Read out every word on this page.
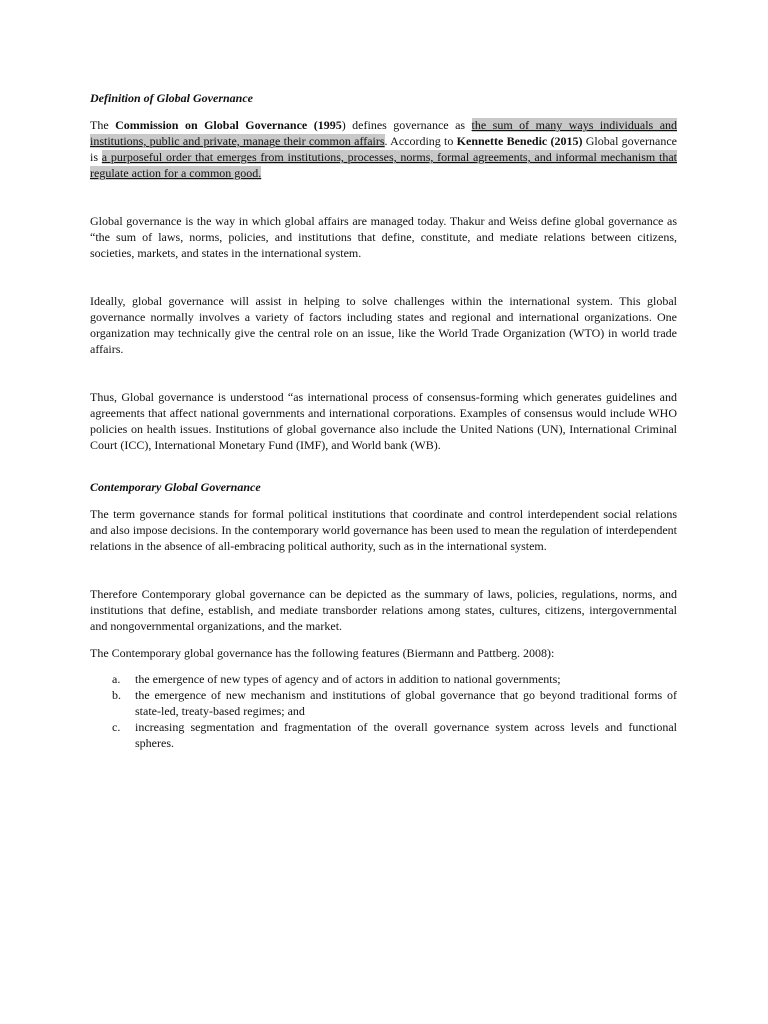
Definition of Global Governance

The Commission on Global Governance (1995) defines governance as the sum of many ways individuals and institutions, public and private, manage their common affairs. According to Kennette Benedic (2015) Global governance is a purposeful order that emerges from institutions, processes, norms, formal agreements, and informal mechanism that regulate action for a common good.

Global governance is the way in which global affairs are managed today. Thakur and Weiss define global governance as “the sum of laws, norms, policies, and institutions that define, constitute, and mediate relations between citizens, societies, markets, and states in the international system.

Ideally, global governance will assist in helping to solve challenges within the international system. This global governance normally involves a variety of factors including states and regional and international organizations. One organization may technically give the central role on an issue, like the World Trade Organization (WTO) in world trade affairs.

Thus, Global governance is understood “as international process of consensus-forming which generates guidelines and agreements that affect national governments and international corporations. Examples of consensus would include WHO policies on health issues. Institutions of global governance also include the United Nations (UN), International Criminal Court (ICC), International Monetary Fund (IMF), and World bank (WB).

Contemporary Global Governance

The term governance stands for formal political institutions that coordinate and control interdependent social relations and also impose decisions. In the contemporary world governance has been used to mean the regulation of interdependent relations in the absence of all-embracing political authority, such as in the international system.

Therefore Contemporary global governance can be depicted as the summary of laws, policies, regulations, norms, and institutions that define, establish, and mediate transborder relations among states, cultures, citizens, intergovernmental and nongovernmental organizations, and the market.

The Contemporary global governance has the following features (Biermann and Pattberg. 2008):

a.	the emergence of new types of agency and of actors in addition to national governments;
b.	the emergence of new mechanism and institutions of global governance that go beyond traditional forms of state-led, treaty-based regimes; and
c.	increasing segmentation and fragmentation of the overall governance system across levels and functional spheres.
